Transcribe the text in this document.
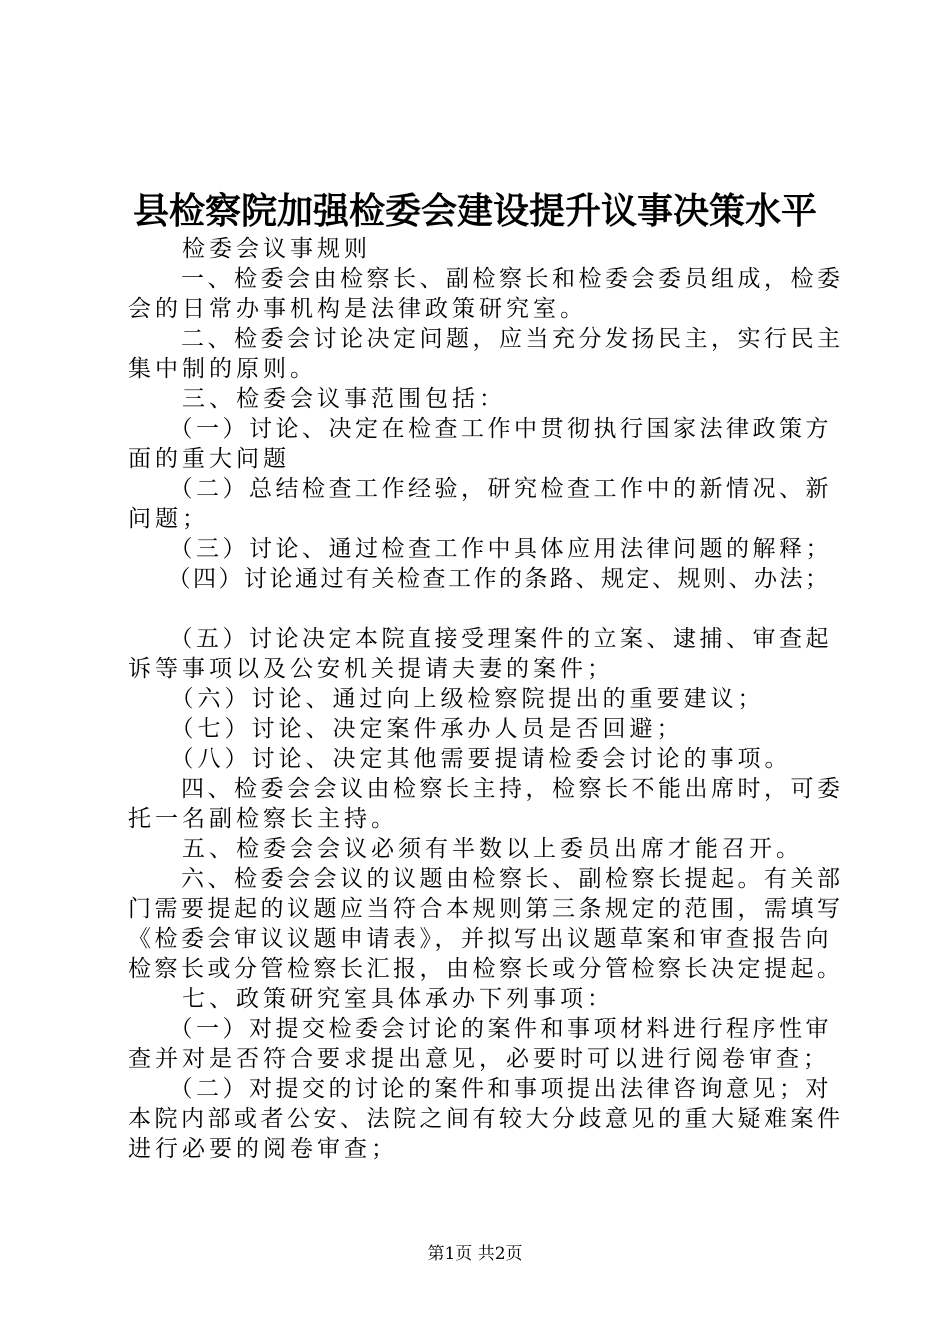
县检察院加强检委会建设提升议事决策水平
　　检委会议事规则
　　一、检委会由检察长、副检察长和检委会委员组成，检委
会的日常办事机构是法律政策研究室。
　　二、检委会讨论决定问题，应当充分发扬民主，实行民主
集中制的原则。
　　三、检委会议事范围包括：
　　（一）讨论、决定在检查工作中贯彻执行国家法律政策方
面的重大问题
　　（二）总结检查工作经验，研究检查工作中的新情况、新
问题；
　　（三）讨论、通过检查工作中具体应用法律问题的解释；
　　（四）讨论通过有关检查工作的条路、规定、规则、办法；

　　（五）讨论决定本院直接受理案件的立案、逮捕、审查起
诉等事项以及公安机关提请夫妻的案件；
　　（六）讨论、通过向上级检察院提出的重要建议；
　　（七）讨论、决定案件承办人员是否回避；
　　（八）讨论、决定其他需要提请检委会讨论的事项。
　　四、检委会会议由检察长主持，检察长不能出席时，可委
托一名副检察长主持。
　　五、检委会会议必须有半数以上委员出席才能召开。
　　六、检委会会议的议题由检察长、副检察长提起。有关部
门需要提起的议题应当符合本规则第三条规定的范围，需填写
《检委会审议议题申请表》，并拟写出议题草案和审查报告向
检察长或分管检察长汇报，由检察长或分管检察长决定提起。
　　七、政策研究室具体承办下列事项：
　　（一）对提交检委会讨论的案件和事项材料进行程序性审
查并对是否符合要求提出意见，必要时可以进行阅卷审查；
　　（二）对提交的讨论的案件和事项提出法律咨询意见；对
本院内部或者公安、法院之间有较大分歧意见的重大疑难案件
进行必要的阅卷审查；
第1页 共2页
